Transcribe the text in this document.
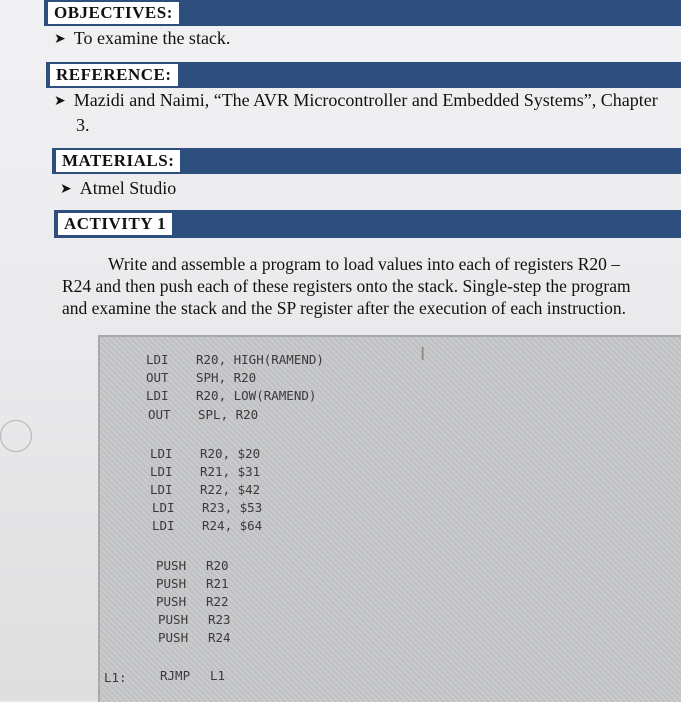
OBJECTIVES:
➤ To examine the stack.
REFERENCE:
➤ Mazidi and Naimi, “The AVR Microcontroller and Embedded Systems”, Chapter
3.
MATERIALS:
➤ Atmel Studio
ACTIVITY 1

Write and assemble a program to load values into each of registers R20 –

R24 and then push each of these registers onto the stack. Single-step the program
and examine the stack and the SP register after the execution of each instruction.
LDI R20, HIGH(RAMEND)
OUT SPH, R20
LDI R20, LOW(RAMEND)
OUT SPL, R20
LDI R20, $20
LDI R21, $31
LDI R22, $42
LDI R23, $53
LDI R24, $64
PUSH R20
PUSH R21
PUSH R22
PUSH R23
PUSH R24
L1:	RJMP L1
I
